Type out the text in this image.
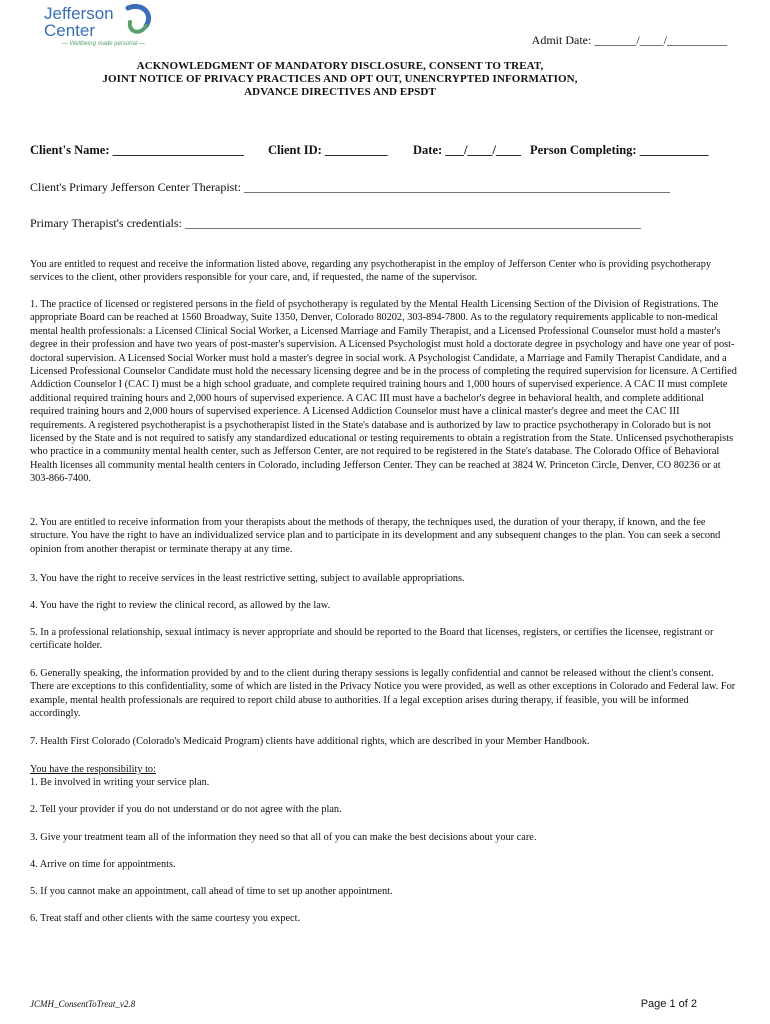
Jefferson
Center
— Wellbeing made personal —	Admit Date: _______/____/__________
ACKNOWLEDGMENT OF MANDATORY DISCLOSURE, CONSENT TO TREAT,
JOINT NOTICE OF PRIVACY PRACTICES AND OPT OUT, UNENCRYPTED INFORMATION,
ADVANCE DIRECTIVES AND EPSDT
Client's Name: _____________________ Client ID: __________ Date: ___/____/____ Person Completing: ___________
Client's Primary Jefferson Center Therapist: _______________________________________________________________________
Primary Therapist's credentials: ____________________________________________________________________________
You are entitled to request and receive the information listed above, regarding any psychotherapist in the employ of Jefferson Center who is providing psychotherapy services to the client, other providers responsible for your care, and, if requested, the name of the supervisor.
1. The practice of licensed or registered persons in the field of psychotherapy is regulated by the Mental Health Licensing Section of the Division of Registrations. The appropriate Board can be reached at 1560 Broadway, Suite 1350, Denver, Colorado 80202, 303-894-7800. As to the regulatory requirements applicable to non-medical mental health professionals: a Licensed Clinical Social Worker, a Licensed Marriage and Family Therapist, and a Licensed Professional Counselor must hold a master's degree in their profession and have two years of post-master's supervision. A Licensed Psychologist must hold a doctorate degree in psychology and have one year of post-doctoral supervision. A Licensed Social Worker must hold a master's degree in social work. A Psychologist Candidate, a Marriage and Family Therapist Candidate, and a Licensed Professional Counselor Candidate must hold the necessary licensing degree and be in the process of completing the required supervision for licensure. A Certified Addiction Counselor I (CAC I) must be a high school graduate, and complete required training hours and 1,000 hours of supervised experience. A CAC II must complete additional required training hours and 2,000 hours of supervised experience. A CAC III must have a bachelor's degree in behavioral health, and complete additional required training hours and 2,000 hours of supervised experience. A Licensed Addiction Counselor must have a clinical master's degree and meet the CAC III requirements. A registered psychotherapist is a psychotherapist listed in the State's database and is authorized by law to practice psychotherapy in Colorado but is not licensed by the State and is not required to satisfy any standardized educational or testing requirements to obtain a registration from the State. Unlicensed psychotherapists who practice in a community mental health center, such as Jefferson Center, are not required to be registered in the State's database. The Colorado Office of Behavioral Health licenses all community mental health centers in Colorado, including Jefferson Center. They can be reached at 3824 W. Princeton Circle, Denver, CO 80236 or at 303-866-7400.
2. You are entitled to receive information from your therapists about the methods of therapy, the techniques used, the duration of your therapy, if known, and the fee structure. You have the right to have an individualized service plan and to participate in its development and any subsequent changes to the plan. You can seek a second opinion from another therapist or terminate therapy at any time.
3. You have the right to receive services in the least restrictive setting, subject to available appropriations.
4. You have the right to review the clinical record, as allowed by the law.
5. In a professional relationship, sexual intimacy is never appropriate and should be reported to the Board that licenses, registers, or certifies the licensee, registrant or certificate holder.
6. Generally speaking, the information provided by and to the client during therapy sessions is legally confidential and cannot be released without the client's consent. There are exceptions to this confidentiality, some of which are listed in the Privacy Notice you were provided, as well as other exceptions in Colorado and Federal law. For example, mental health professionals are required to report child abuse to authorities. If a legal exception arises during therapy, if feasible, you will be informed accordingly.
7. Health First Colorado (Colorado's Medicaid Program) clients have additional rights, which are described in your Member Handbook.
You have the responsibility to:
1. Be involved in writing your service plan.
2. Tell your provider if you do not understand or do not agree with the plan.
3. Give your treatment team all of the information they need so that all of you can make the best decisions about your care.
4. Arrive on time for appointments.
5. If you cannot make an appointment, call ahead of time to set up another appointment.
6. Treat staff and other clients with the same courtesy you expect.
JCMH_ConsentToTreat_v2.8	Page 1 of 2
